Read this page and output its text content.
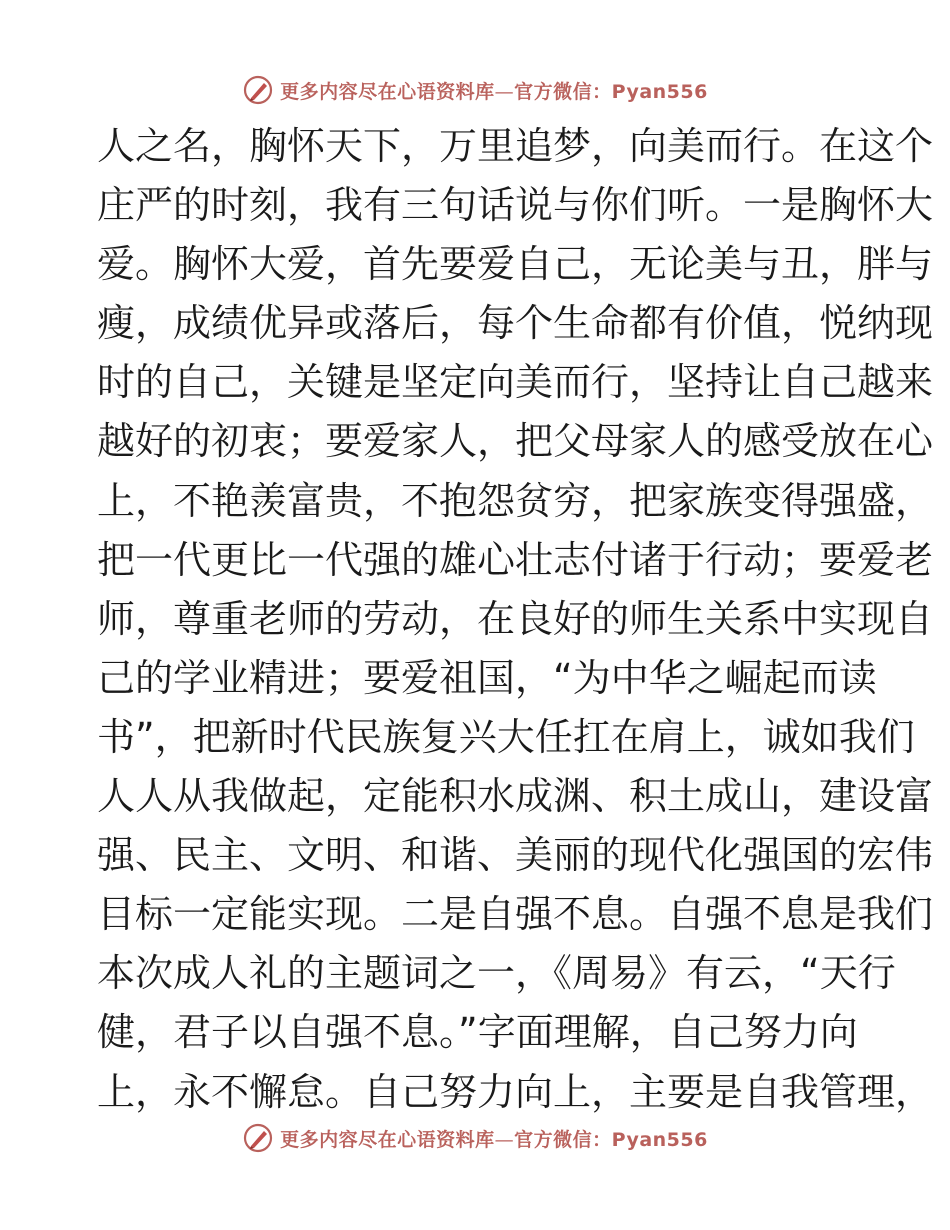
更多内容尽在心语资料库—官方微信：Pyan556
人之名，胸怀天下，万里追梦，向美而行。在这个
庄严的时刻，我有三句话说与你们听。一是胸怀大
爱。胸怀大爱，首先要爱自己，无论美与丑，胖与
瘦，成绩优异或落后，每个生命都有价值，悦纳现
时的自己，关键是坚定向美而行，坚持让自己越来
越好的初衷；要爱家人，把父母家人的感受放在心
上，不艳羡富贵，不抱怨贫穷，把家族变得强盛，
把一代更比一代强的雄心壮志付诸于行动；要爱老
师，尊重老师的劳动，在良好的师生关系中实现自
己的学业精进；要爱祖国，“为中华之崛起而读
书”，把新时代民族复兴大任扛在肩上，诚如我们
人人从我做起，定能积水成渊、积土成山，建设富
强、民主、文明、和谐、美丽的现代化强国的宏伟
目标一定能实现。二是自强不息。自强不息是我们
本次成人礼的主题词之一，《周易》有云，“天行
健，君子以自强不息。”字面理解，自己努力向
上，永不懈怠。自己努力向上，主要是自我管理，
更多内容尽在心语资料库—官方微信：Pyan556
